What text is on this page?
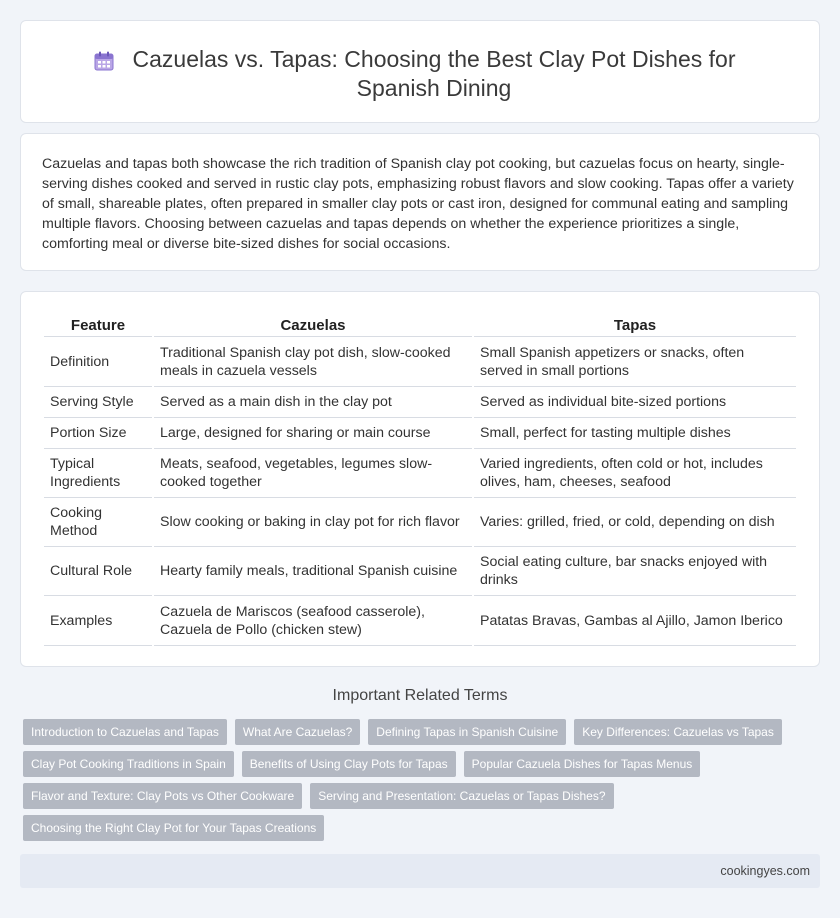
Cazuelas vs. Tapas: Choosing the Best Clay Pot Dishes for Spanish Dining

Cazuelas and tapas both showcase the rich tradition of Spanish clay pot cooking, but cazuelas focus on hearty, single-serving dishes cooked and served in rustic clay pots, emphasizing robust flavors and slow cooking. Tapas offer a variety of small, shareable plates, often prepared in smaller clay pots or cast iron, designed for communal eating and sampling multiple flavors. Choosing between cazuelas and tapas depends on whether the experience prioritizes a single, comforting meal or diverse bite-sized dishes for social occasions.

Feature	Cazuelas	Tapas
Definition	Traditional Spanish clay pot dish, slow-cooked meals in cazuela vessels	Small Spanish appetizers or snacks, often served in small portions
Serving Style	Served as a main dish in the clay pot	Served as individual bite-sized portions
Portion Size	Large, designed for sharing or main course	Small, perfect for tasting multiple dishes
Typical Ingredients	Meats, seafood, vegetables, legumes slow-cooked together	Varied ingredients, often cold or hot, includes olives, ham, cheeses, seafood
Cooking Method	Slow cooking or baking in clay pot for rich flavor	Varies: grilled, fried, or cold, depending on dish
Cultural Role	Hearty family meals, traditional Spanish cuisine	Social eating culture, bar snacks enjoyed with drinks
Examples	Cazuela de Mariscos (seafood casserole), Cazuela de Pollo (chicken stew)	Patatas Bravas, Gambas al Ajillo, Jamon Iberico
Important Related Terms
Introduction to Cazuelas and Tapas	What Are Cazuelas?	Defining Tapas in Spanish Cuisine	Key Differences: Cazuelas vs Tapas
Clay Pot Cooking Traditions in Spain	Benefits of Using Clay Pots for Tapas	Popular Cazuela Dishes for Tapas Menus
Flavor and Texture: Clay Pots vs Other Cookware	Serving and Presentation: Cazuelas or Tapas Dishes?
Choosing the Right Clay Pot for Your Tapas Creations
cookingyes.com
